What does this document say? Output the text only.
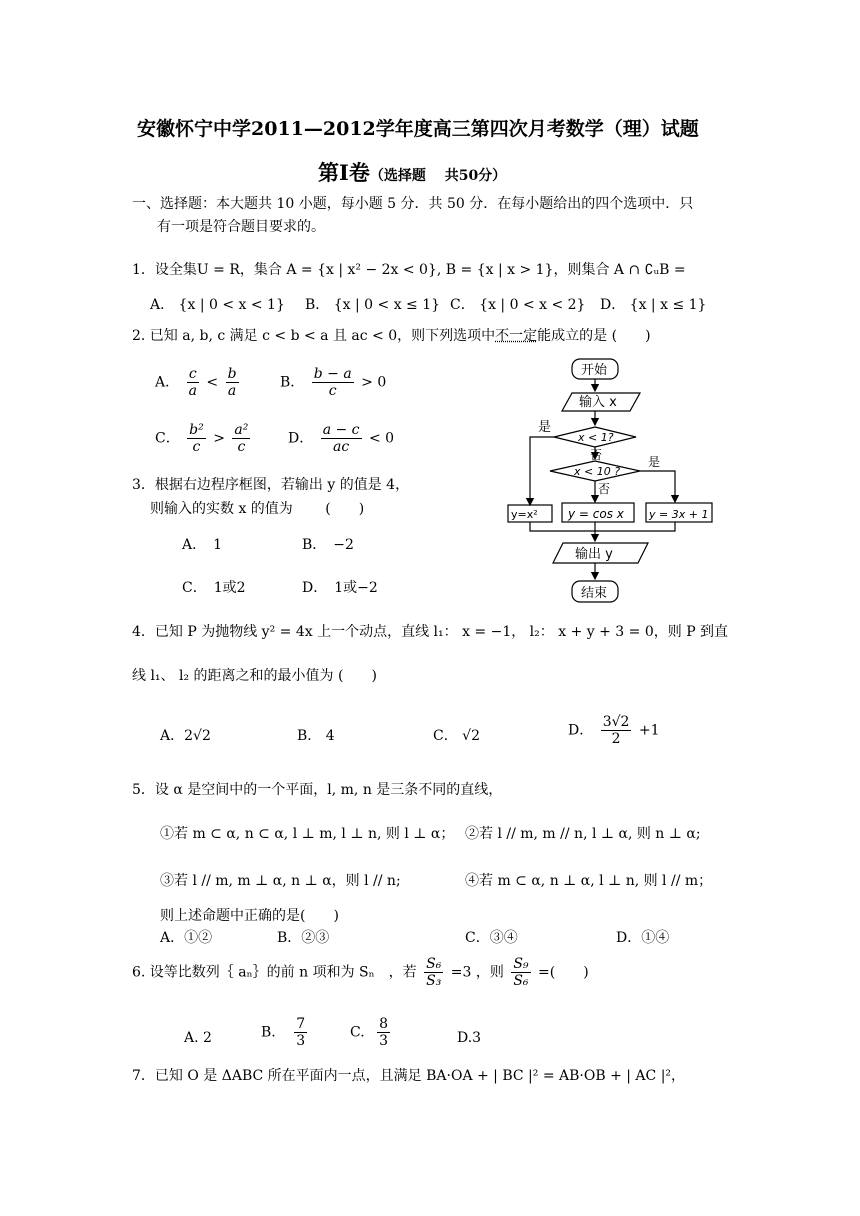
安徽怀宁中学2011—2012学年度高三第四次月考数学（理）试题
第Ⅰ卷（选择题　 共50分）
一、选择题：本大题共 10 小题，每小题 5 分．共 50 分．在每小题给出的四个选项中．只
有一项是符合题目要求的。
1．设全集U = R，集合 A = {x | x² − 2x < 0}, B = {x | x > 1}，则集合 A ∩ ∁ᵤB =
A． {x | 0 < x < 1} B． {x | 0 < x ≤ 1} C． {x | 0 < x < 2} D． {x | x ≤ 1}
2. 已知 a, b, c 满足 c < b < a 且 ac < 0，则下列选项中不一定能成立的是 (　　)
A． $\frac{c}{a} < \frac{b}{a}$	B． $\frac{b - a}{c} > 0$
C． $\frac{\text{b²}}{c} > \frac{\text{a²}}{c}$	D． $\frac{a - c}{ac} < 0$
开始
输入 x
是
x < 1?
否
x < 10 ?
是
否
y=x²	y = cos x y = 3x + 1
输出 y
结束
3．根据右边程序框图，若输出 y 的值是 4，
则输入的实数 x 的值为　　 (　　)
A．　1	B．　−2
C．　1或2	D．　1或−2
4．已知 P 为抛物线 y² = 4x 上一个动点，直线 l₁： x = −1， l₂： x + y + 3 = 0，则 P 到直
线 l₁、 l₂ 的距离之和的最小值为 (　　)
A．2√2	B． 4	C． √2	D． $\frac{3√2}{2} +1$
5．设 α 是空间中的一个平面，l, m, n 是三条不同的直线，
①若 m ⊂ α, n ⊂ α, l ⊥ m, l ⊥ n, 则 l ⊥ α； ②若 l // m, m // n, l ⊥ α, 则 n ⊥ α;
③若 l // m, m ⊥ α, n ⊥ α，则 l // n;	④若 m ⊂ α, n ⊥ α, l ⊥ n, 则 l // m；
则上述命题中正确的是(　　)
A．①②	B．②③	C．③④	D．①④
6. 设等比数列｛ aₙ｝的前 n 项和为 Sₙ　，若 $\frac{\text{S₆}}{\text{S₃}} =3$ ，则 $\frac{\text{S₉}}{\text{S₆}}$ =(　　)
A. 2	B. $\frac{7}{3}$	C. $\frac{8}{3}$	D.3
7．已知 O 是 ΔABC 所在平面内一点，且满足 BA·OA + | BC |² = AB·OB + | AC |²，
